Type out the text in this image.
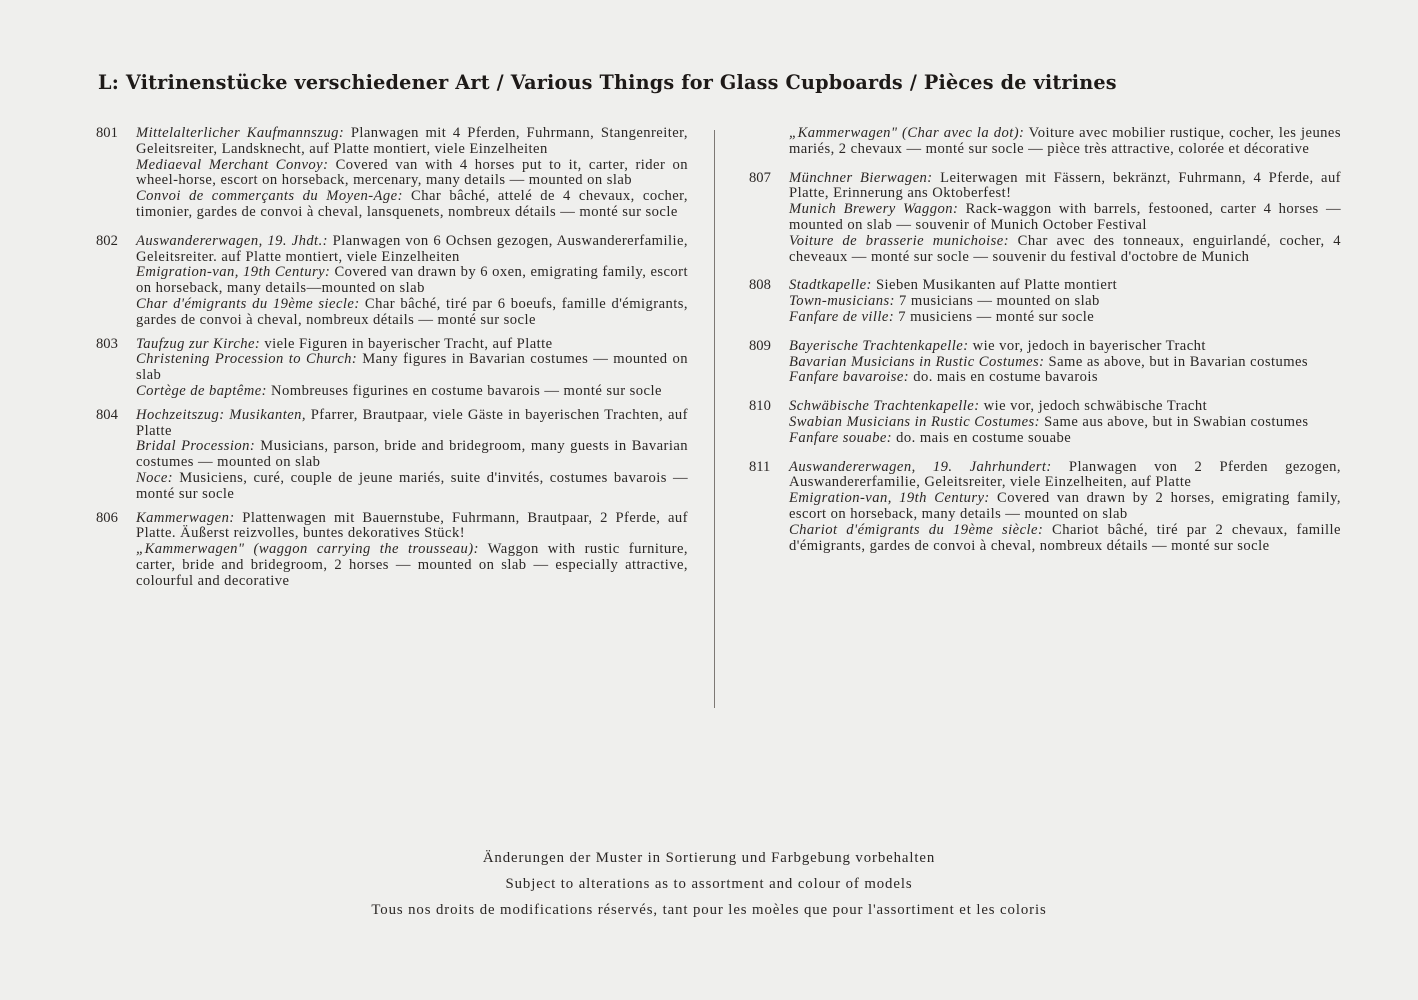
L: Vitrinenstücke verschiedener Art / Various Things for Glass Cupboards / Pièces de vitrines
801	Mittelalterlicher Kaufmannszug: Planwagen mit 4 Pferden, Fuhrmann, Stangenreiter, Geleitsreiter, Landsknecht, auf Platte montiert, viele Einzelheiten
Mediaeval Merchant Convoy: Covered van with 4 horses put to it, carter, rider on wheel-horse, escort on horseback, mercenary, many details — mounted on slab
Convoi de commerçants du Moyen-Age: Char bâché, attelé de 4 chevaux, cocher, timonier, gardes de convoi à cheval, lansquenets, nombreux détails — monté sur socle
802	Auswandererwagen, 19. Jhdt.: Planwagen von 6 Ochsen gezogen, Auswandererfamilie, Geleitsreiter. auf Platte montiert, viele Einzelheiten
Emigration-van, 19th Century: Covered van drawn by 6 oxen, emigrating family, escort on horseback, many details—mounted on slab
Char d'émigrants du 19ème siecle: Char bâché, tiré par 6 boeufs, famille d'émigrants, gardes de convoi à cheval, nombreux détails — monté sur socle
803	Taufzug zur Kirche: viele Figuren in bayerischer Tracht, auf Platte
Christening Procession to Church: Many figures in Bavarian costumes — mounted on slab
Cortège de baptême: Nombreuses figurines en costume bavarois — monté sur socle
804	Hochzeitszug: Musikanten, Pfarrer, Brautpaar, viele Gäste in bayerischen Trachten, auf Platte
Bridal Procession: Musicians, parson, bride and bridegroom, many guests in Bavarian costumes — mounted on slab
Noce: Musiciens, curé, couple de jeune mariés, suite d'invités, costumes bavarois — monté sur socle
806	Kammerwagen: Plattenwagen mit Bauernstube, Fuhrmann, Brautpaar, 2 Pferde, auf Platte. Äußerst reizvolles, buntes dekoratives Stück!
„Kammerwagen" (waggon carrying the trousseau): Waggon with rustic furniture, carter, bride and bridegroom, 2 horses — mounted on slab — especially attractive, colourful and decorative
„Kammerwagen" (Char avec la dot): Voiture avec mobilier rustique, cocher, les jeunes mariés, 2 chevaux — monté sur socle — pièce très attractive, colorée et décorative
807	Münchner Bierwagen: Leiterwagen mit Fässern, bekränzt, Fuhrmann, 4 Pferde, auf Platte, Erinnerung ans Oktoberfest!
Munich Brewery Waggon: Rack-waggon with barrels, festooned, carter 4 horses — mounted on slab — souvenir of Munich October Festival
Voiture de brasserie munichoise: Char avec des tonneaux, enguirlandé, cocher, 4 cheveaux — monté sur socle — souvenir du festival d'octobre de Munich
808	Stadtkapelle: Sieben Musikanten auf Platte montiert
Town-musicians: 7 musicians — mounted on slab
Fanfare de ville: 7 musiciens — monté sur socle
809	Bayerische Trachtenkapelle: wie vor, jedoch in bayerischer Tracht
Bavarian Musicians in Rustic Costumes: Same as above, but in Bavarian costumes
Fanfare bavaroise: do. mais en costume bavarois
810	Schwäbische Trachtenkapelle: wie vor, jedoch schwäbische Tracht
Swabian Musicians in Rustic Costumes: Same aus above, but in Swabian costumes
Fanfare souabe: do. mais en costume souabe
811	Auswandererwagen, 19. Jahrhundert: Planwagen von 2 Pferden gezogen, Auswandererfamilie, Geleitsreiter, viele Einzelheiten, auf Platte
Emigration-van, 19th Century: Covered van drawn by 2 horses, emigrating family, escort on horseback, many details — mounted on slab
Chariot d'émigrants du 19ème siècle: Chariot bâché, tiré par 2 chevaux, famille d'émigrants, gardes de convoi à cheval, nombreux détails — monté sur socle
Änderungen der Muster in Sortierung und Farbgebung vorbehalten
Subject to alterations as to assortment and colour of models
Tous nos droits de modifications réservés, tant pour les moèles que pour l'assortiment et les coloris
